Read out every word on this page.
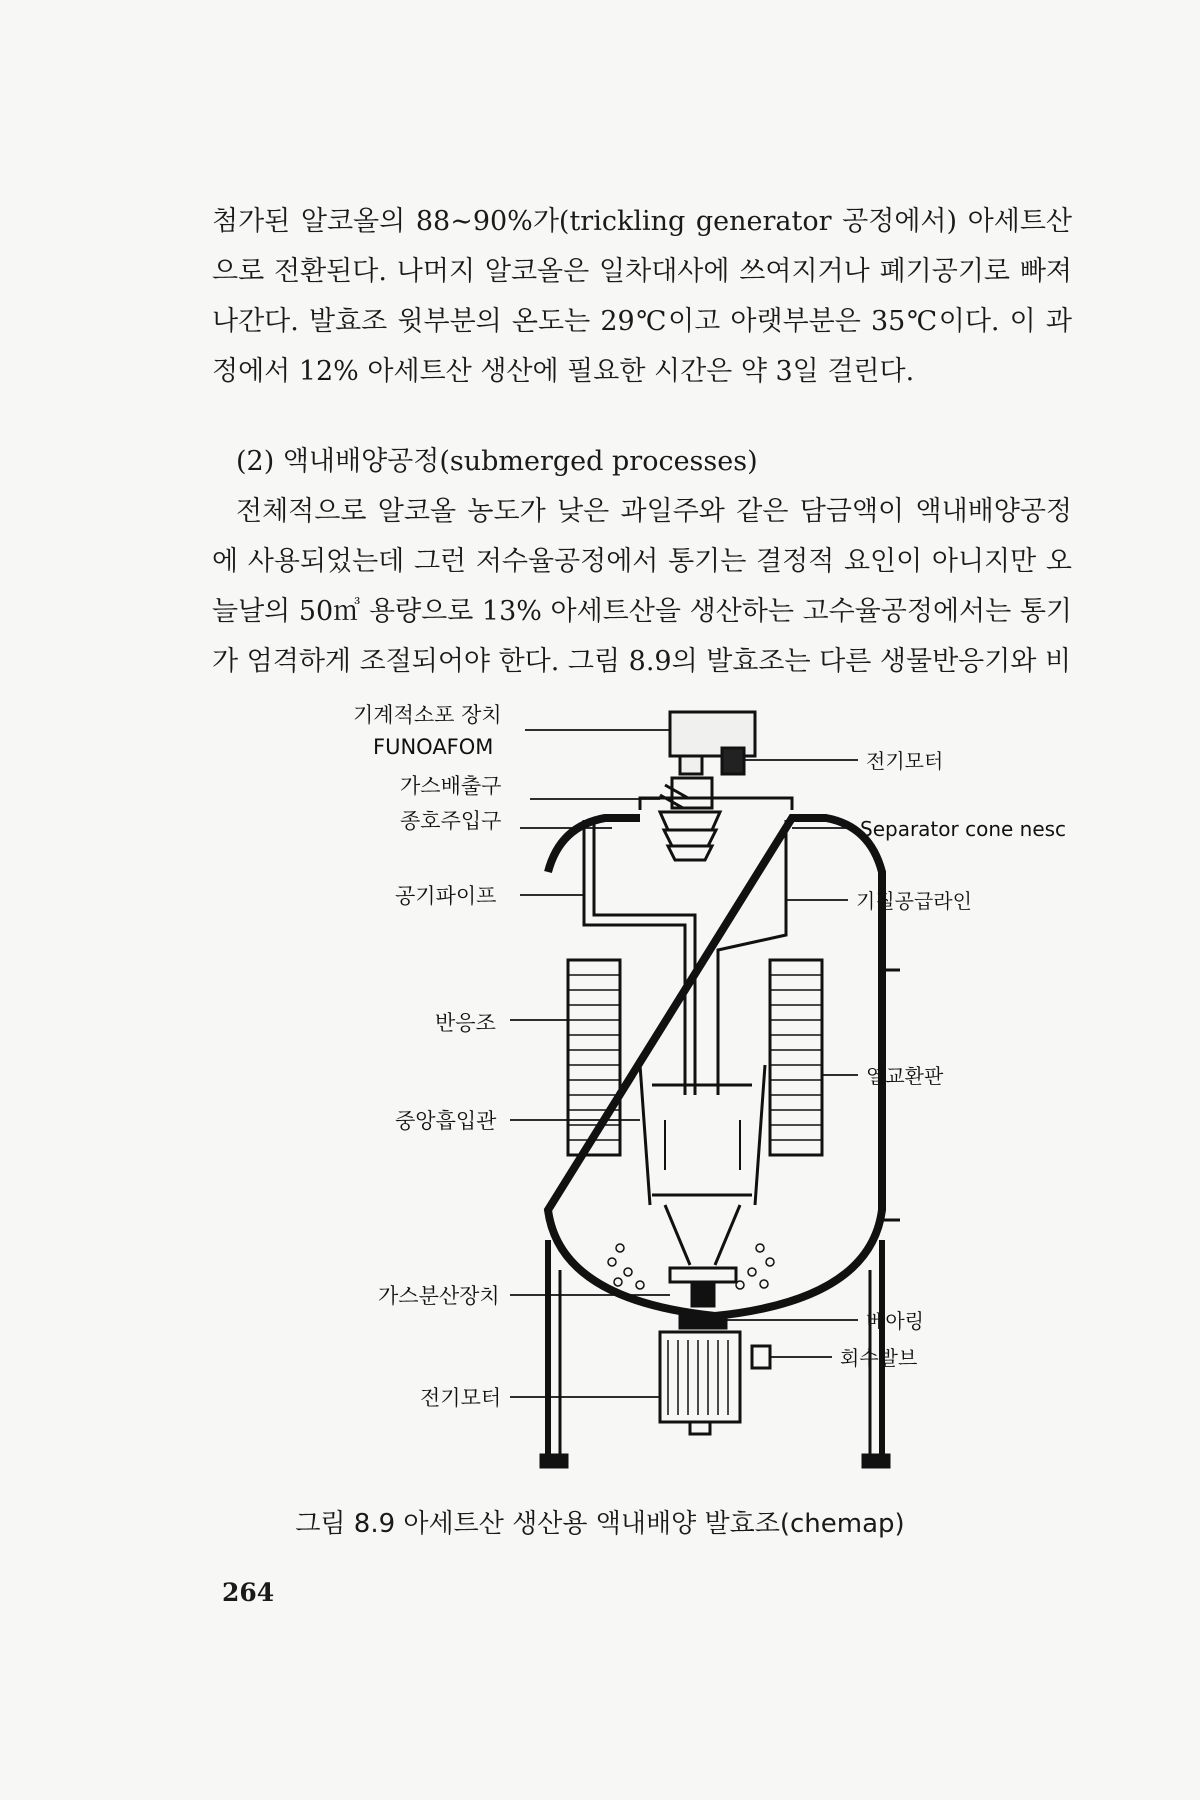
첨가된 알코올의 88∼90%가(trickling generator 공정에서) 아세트산으로 전환된다. 나머지 알코올은 일차대사에 쓰여지거나 폐기공기로 빠져나간다. 발효조 윗부분의 온도는 29℃이고 아랫부분은 35℃이다. 이 과정에서 12% 아세트산 생산에 필요한 시간은 약 3일 걸린다.

(2) 액내배양공정(submerged processes)

전체적으로 알코올 농도가 낮은 과일주와 같은 담금액이 액내배양공정에 사용되었는데 그런 저수율공정에서 통기는 결정적 요인이 아니지만 오늘날의 50㎥ 용량으로 13% 아세트산을 생산하는 고수율공정에서는 통기가 엄격하게 조절되어야 한다. 그림 8.9의 발효조는 다른 생물반응기와 비

기계적소포 장치
FUNOAFOM
가스배출구
종호주입구
공기파이프
반응조
중앙흡입관
가스분산장치
전기모터
전기모터
Separator cone nesc
기질공급라인
열교환판
베아링
회수발브

그림 8.9 아세트산 생산용 액내배양 발효조(chemap)

264
